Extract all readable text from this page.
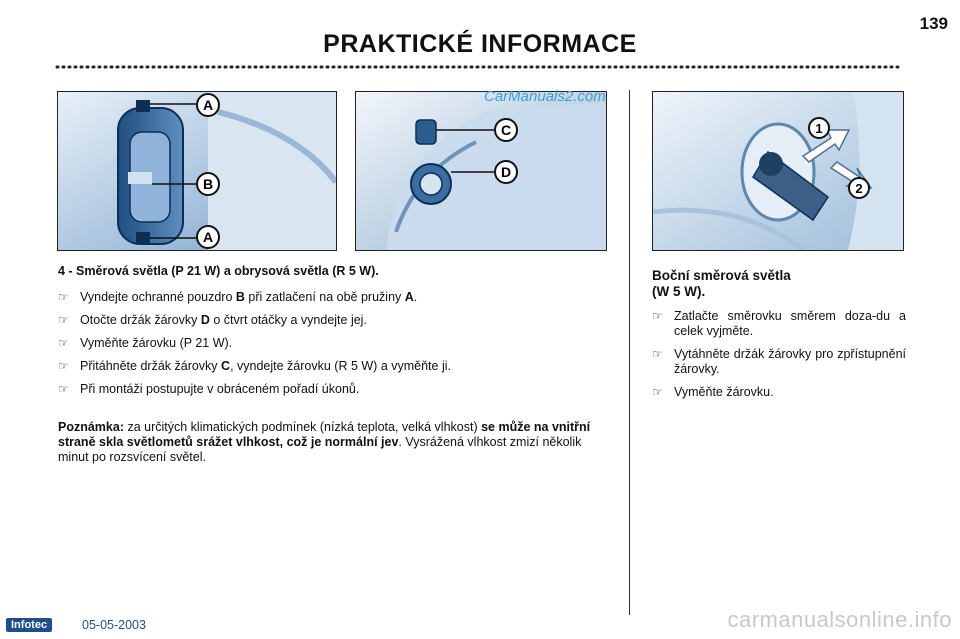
139
PRAKTICKÉ INFORMACE
A
B
A
C
D
CarManuals2.com
1
2
4 - Směrová světla (P 21 W) a obrysová světla (R 5 W).
☞ Vyndejte ochranné pouzdro B při zatlačení na obě pružiny A.
☞ Otočte držák žárovky D o čtvrt otáčky a vyndejte jej.
☞ Vyměňte žárovku (P 21 W).
☞ Přitáhněte držák žárovky C, vyndejte žárovku (R 5 W) a vyměňte ji.
☞ Při montáži postupujte v obráceném pořadí úkonů.
Poznámka: za určitých klimatických podmínek (nízká teplota, velká vlhkost) se může na vnitřní straně skla světlometů srážet vlhkost, což je normální jev. Vysrážená vlhkost zmizí několik minut po rozsvícení světel.
Boční směrová světla
(W 5 W).
☞ Zatlačte směrovku směrem doza-du a celek vyjměte.
☞ Vytáhněte držák žárovky pro zpřístupnění žárovky.
☞ Vyměňte žárovku.
Infotec	05-05-2003	carmanualsonline.info
